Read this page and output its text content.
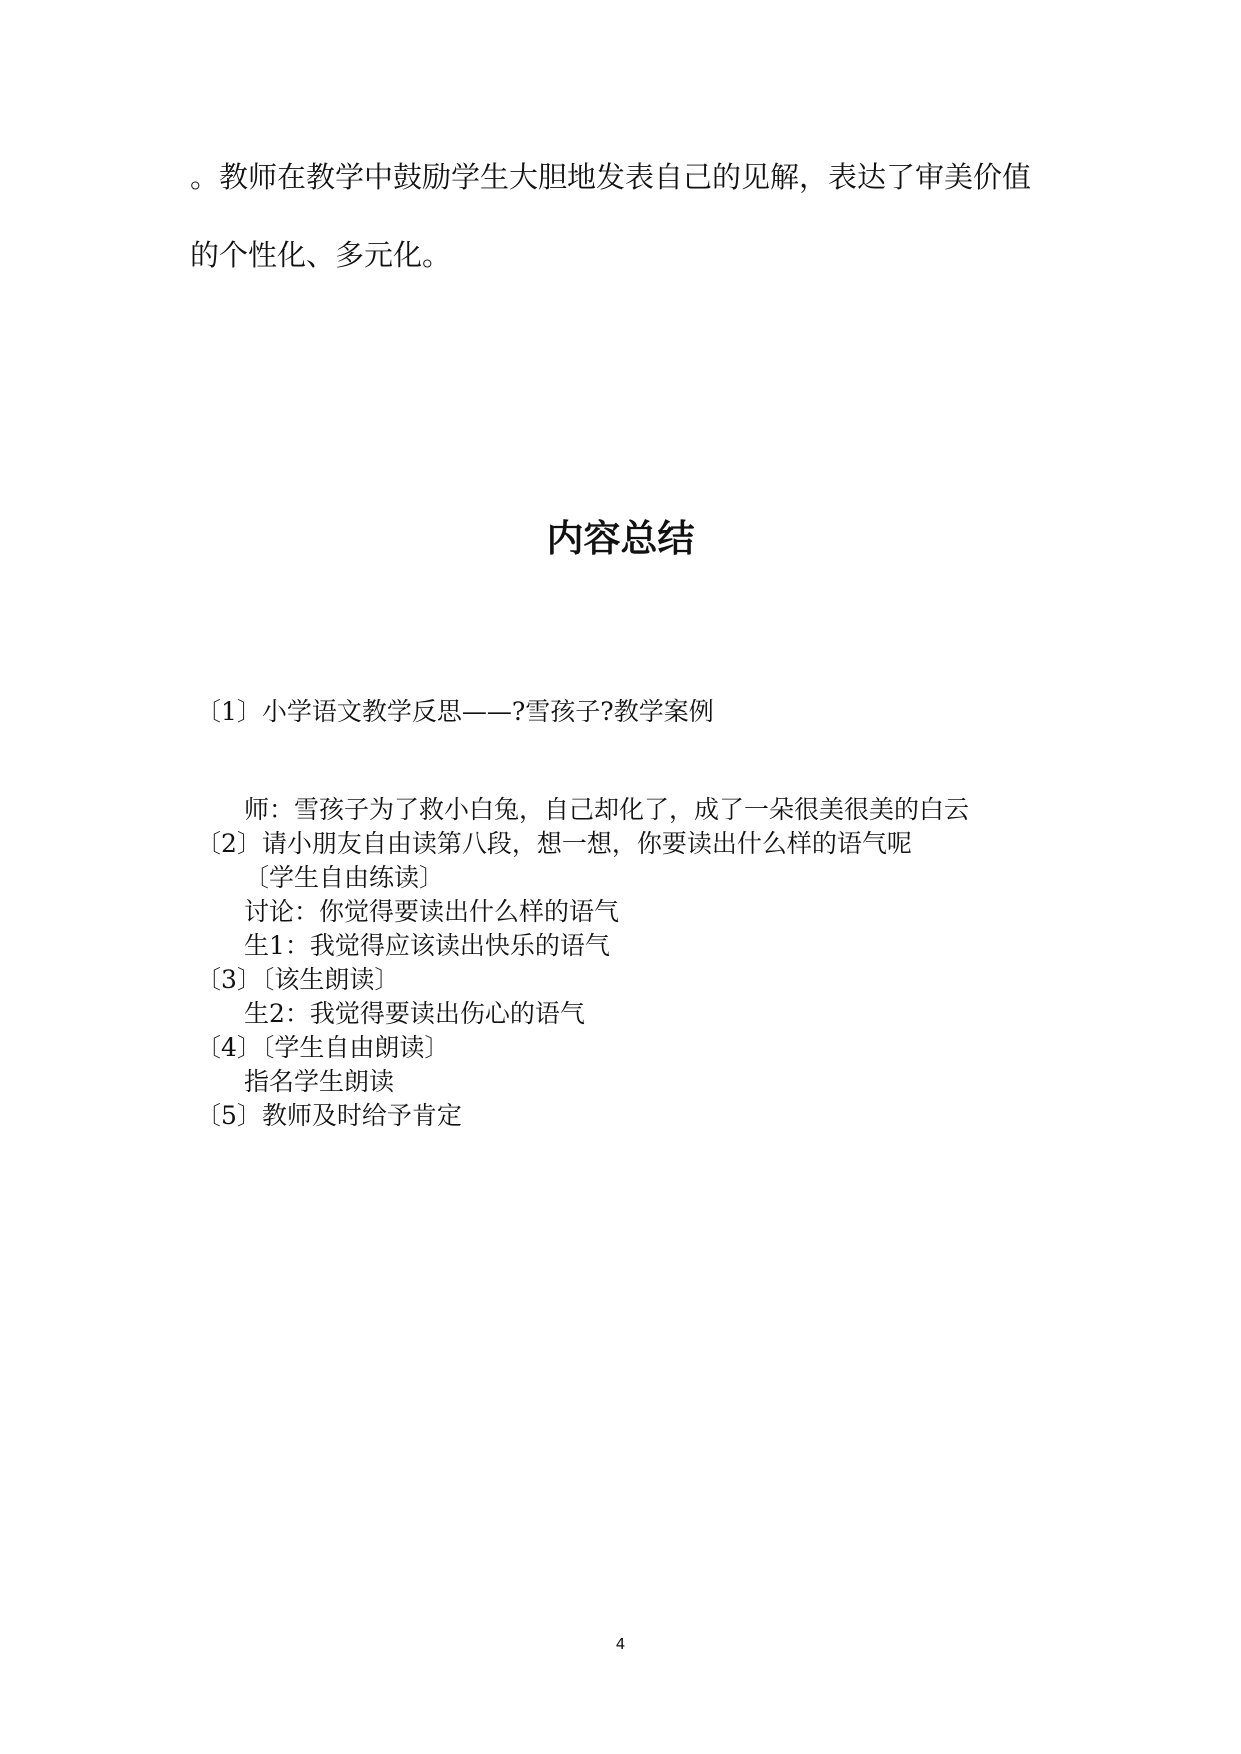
。教师在教学中鼓励学生大胆地发表自己的见解，表达了审美价值
的个性化、多元化。
内容总结
〔1〕小学语文教学反思——?雪孩子?教学案例
师：雪孩子为了救小白兔，自己却化了，成了一朵很美很美的白云
〔2〕请小朋友自由读第八段，想一想，你要读出什么样的语气呢
〔学生自由练读〕
讨论：你觉得要读出什么样的语气
生1：我觉得应该读出快乐的语气
〔3〕〔该生朗读〕
生2：我觉得要读出伤心的语气
〔4〕〔学生自由朗读〕
指名学生朗读
〔5〕教师及时给予肯定
4
